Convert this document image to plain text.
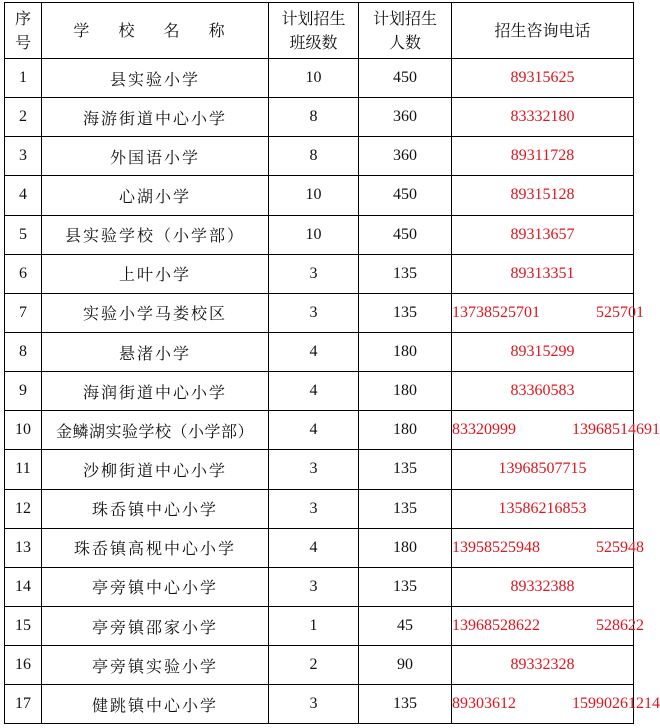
序号	学 校 名 称	计划招生班级数	计划招生人数	招生咨询电话
1	县实验小学	10	450	89315625
2	海游街道中心小学	8	360	83332180
3	外国语小学	8	360	89311728
4	心湖小学	10	450	89315128
5	县实验学校（小学部）	10	450	89313657
6	上叶小学	3	135	89313351
7	实验小学马娄校区	3	135	13738525701    525701
8	悬渚小学	4	180	89315299
9	海润街道中心小学	4	180	83360583
10	金鳞湖实验学校（小学部）	4	180	83320999    13968514691
11	沙柳街道中心小学	3	135	13968507715
12	珠岙镇中心小学	3	135	13586216853
13	珠岙镇高枧中心小学	4	180	13958525948    525948
14	亭旁镇中心小学	3	135	89332388
15	亭旁镇邵家小学	1	45	13968528622    528622
16	亭旁镇实验小学	2	90	89332328
17	健跳镇中心小学	3	135	89303612    15990261214
